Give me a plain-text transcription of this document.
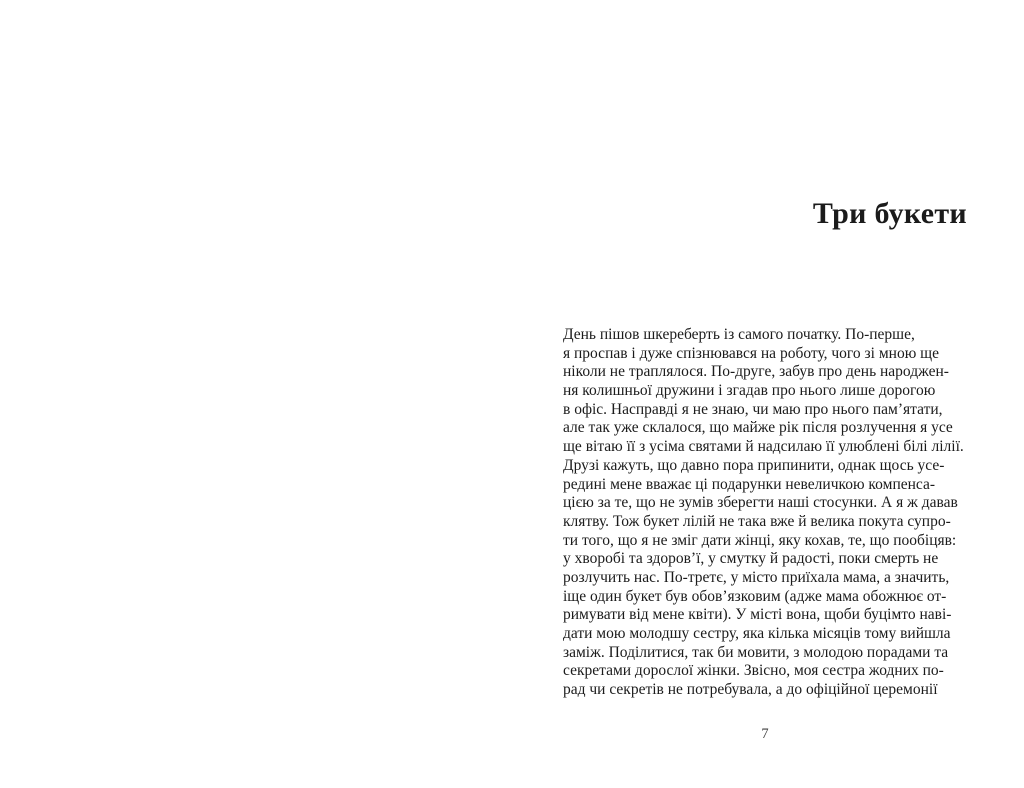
Три букети
День пішов шкереберть із самого початку. По-перше,
я проспав і дуже спізнювався на роботу, чого зі мною ще
ніколи не траплялося. По-друге, забув про день народжен-
ня колишньої дружини і згадав про нього лише дорогою
в офіс. Насправді я не знаю, чи маю про нього пам’ятати,
але так уже склалося, що майже рік після розлучення я усе
ще вітаю її з усіма святами й надсилаю її улюблені білі лілії.
Друзі кажуть, що давно пора припинити, однак щось усе-
редині мене вважає ці подарунки невеличкою компенса-
цією за те, що не зумів зберегти наші стосунки. А я ж давав
клятву. Тож букет лілій не така вже й велика покута супро-
ти того, що я не зміг дати жінці, яку кохав, те, що пообіцяв:
у хворобі та здоров’ї, у смутку й радості, поки смерть не
розлучить нас. По-третє, у місто приїхала мама, а значить,
іще один букет був обов’язковим (адже мама обожнює от-
римувати від мене квіти). У місті вона, щоби буцімто наві-
дати мою молодшу сестру, яка кілька місяців тому вийшла
заміж. Поділитися, так би мовити, з молодою порадами та
секретами дорослої жінки. Звісно, моя сестра жодних по-
рад чи секретів не потребувала, а до офіційної церемонії
7
